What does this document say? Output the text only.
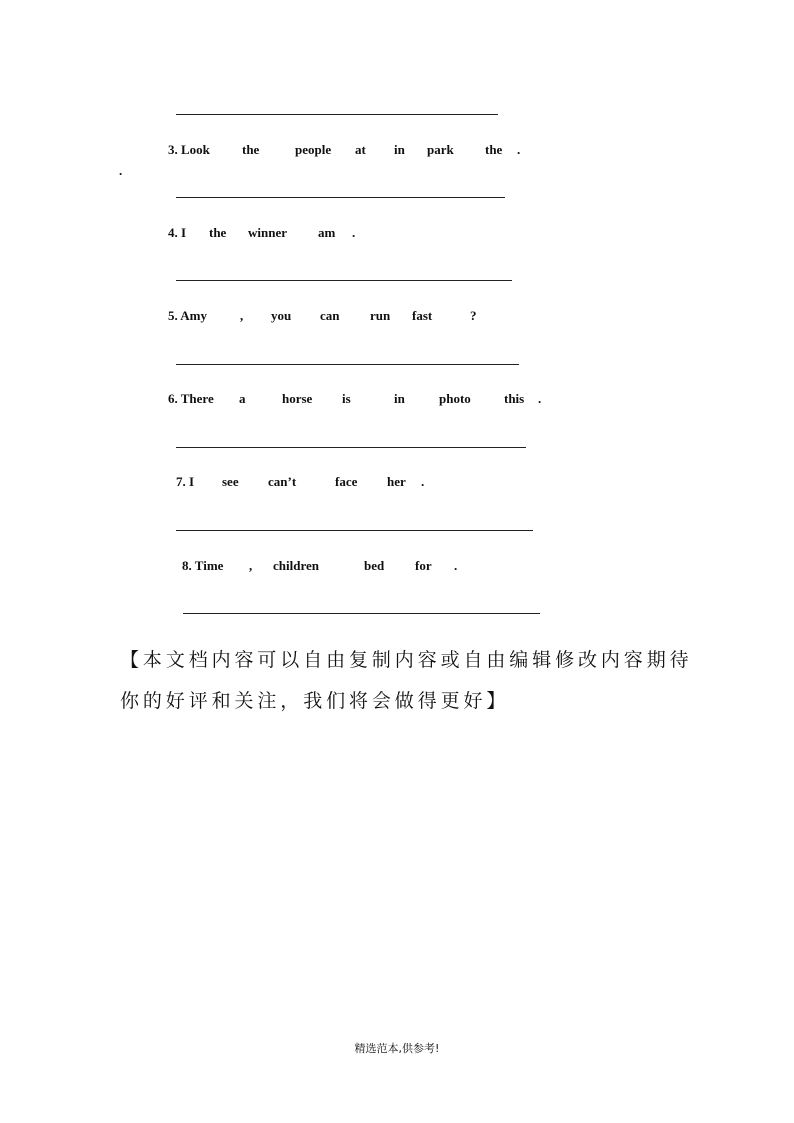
.
3. Look the	people at in park the .
4. I the winner am .
5. Amy	, you can run fast	?
6. There a	horse is	in	photo	this .
7. I see can’t	face her .
8. Time , children	bed for .
【本文档内容可以自由复制内容或自由编辑修改内容期待
你的好评和关注，我们将会做得更好】
精选范本,供参考!
